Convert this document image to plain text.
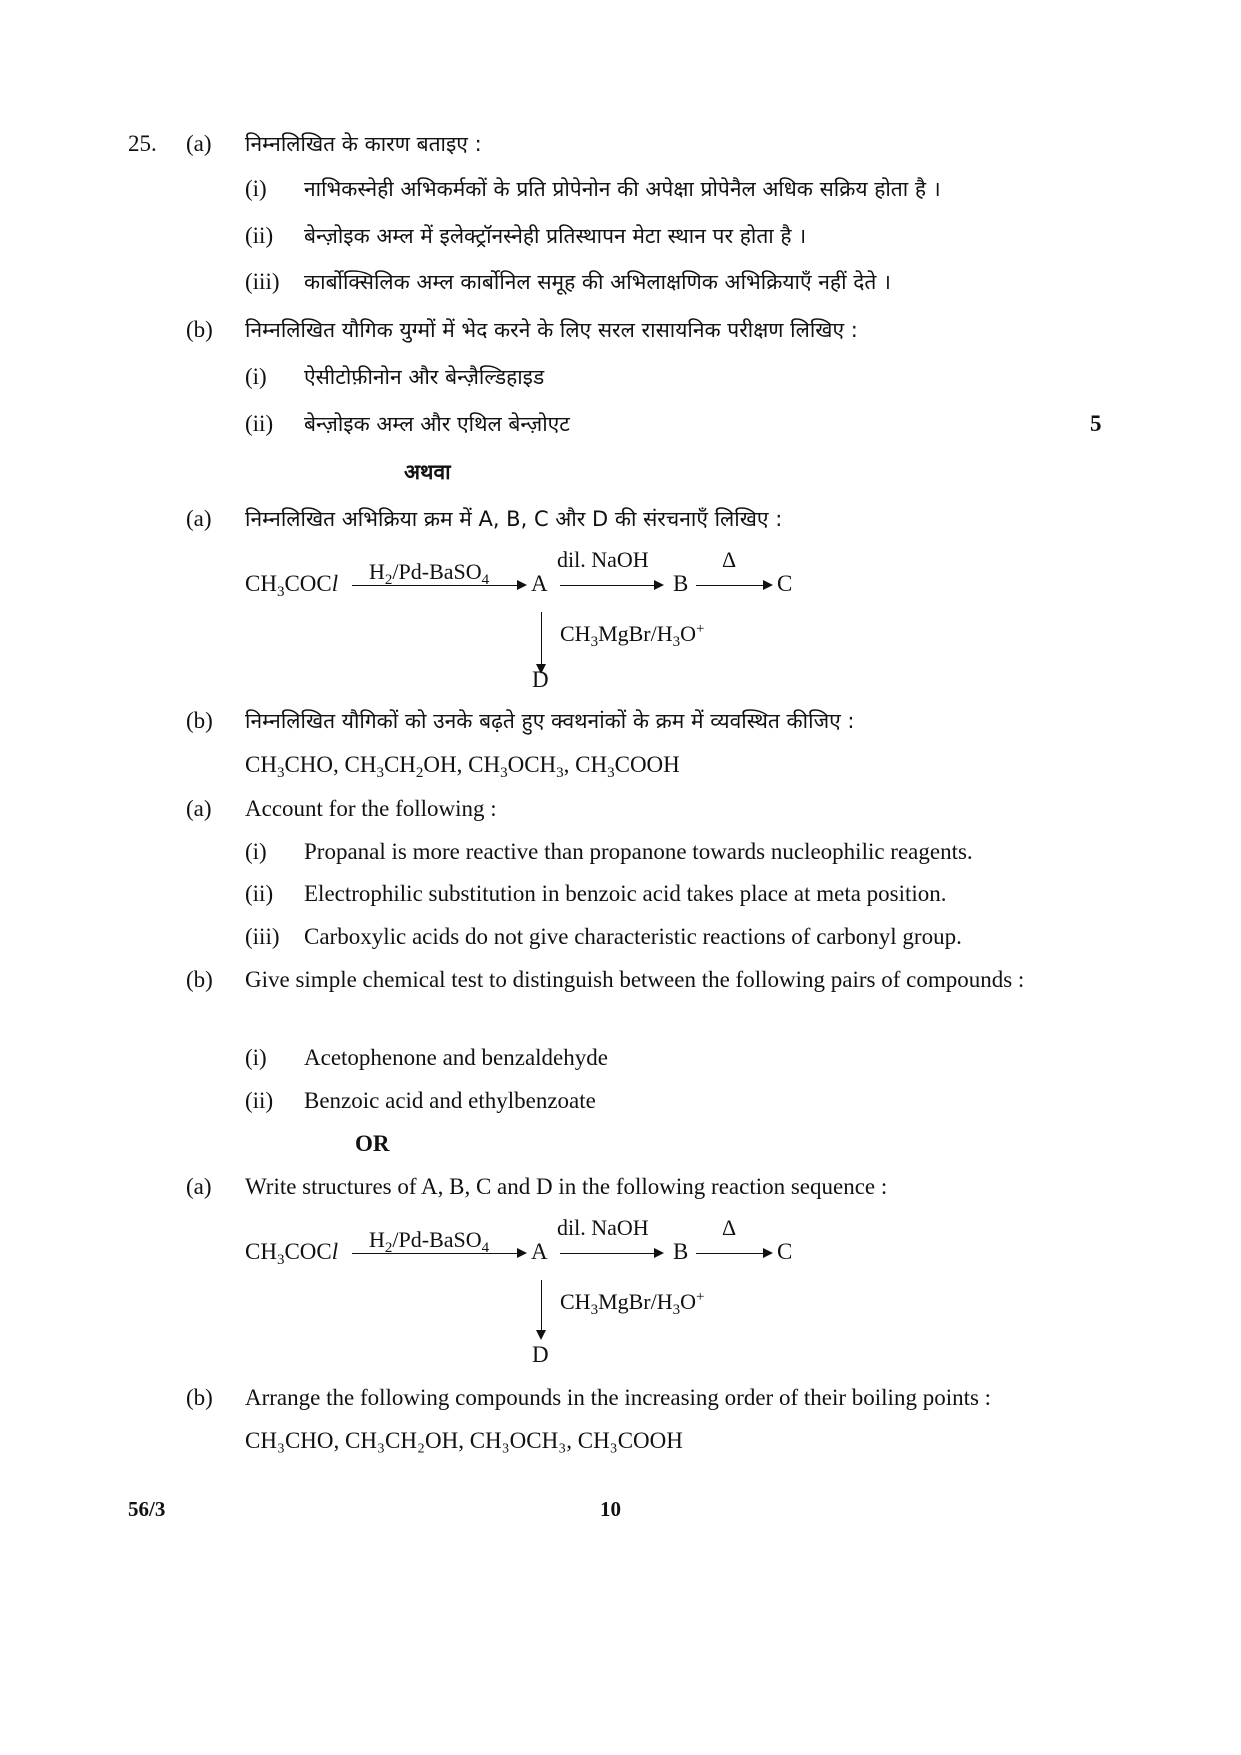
25. (a) निम्नलिखित के कारण बताइए :
(i) नाभिकस्नेही अभिकर्मकों के प्रति प्रोपेनोन की अपेक्षा प्रोपेनैल अधिक सक्रिय होता है ।
(ii) बेन्ज़ोइक अम्ल में इलेक्ट्रॉनस्नेही प्रतिस्थापन मेटा स्थान पर होता है ।
(iii) कार्बोक्सिलिक अम्ल कार्बोनिल समूह की अभिलाक्षणिक अभिक्रियाएँ नहीं देते ।
(b) निम्नलिखित यौगिक युग्मों में भेद करने के लिए सरल रासायनिक परीक्षण लिखिए :
(i) ऐसीटोफ़ीनोन और बेन्ज़ैल्डिहाइड
(ii) बेन्ज़ोइक अम्ल और एथिल बेन्ज़ोएट	5
अथवा
(a) निम्नलिखित अभिक्रिया क्रम में A, B, C और D की संरचनाएँ लिखिए :
$CH_3COCl$ $H_2/Pd-BaSO_4$ A
dil. NaOH
B
Δ
C
$CH_3MgBr/H_3O^+$
D
(b) निम्नलिखित यौगिकों को उनके बढ़ते हुए क्वथनांकों के क्रम में व्यवस्थित कीजिए :
$CH_3CHO$, $CH_3CH_2OH$, $CH_3OCH_3$, $CH_3COOH$
(a) Account for the following :
(i) Propanal is more reactive than propanone towards nucleophilic reagents.
(ii) Electrophilic substitution in benzoic acid takes place at meta position.
(iii) Carboxylic acids do not give characteristic reactions of carbonyl group.
(b) Give simple chemical test to distinguish between the following pairs of compounds :
(i) Acetophenone and benzaldehyde
(ii) Benzoic acid and ethylbenzoate
OR
(a) Write structures of A, B, C and D in the following reaction sequence :
$CH_3COCl$ $H_2/Pd-BaSO_4$ A
dil. NaOH
B
Δ
C
$CH_3MgBr/H_3O^+$
D
(b) Arrange the following compounds in the increasing order of their boiling points :
CH₃CHO, CH₃CH₂OH, CH₃OCH₃, CH₃COOH
56/3	10
